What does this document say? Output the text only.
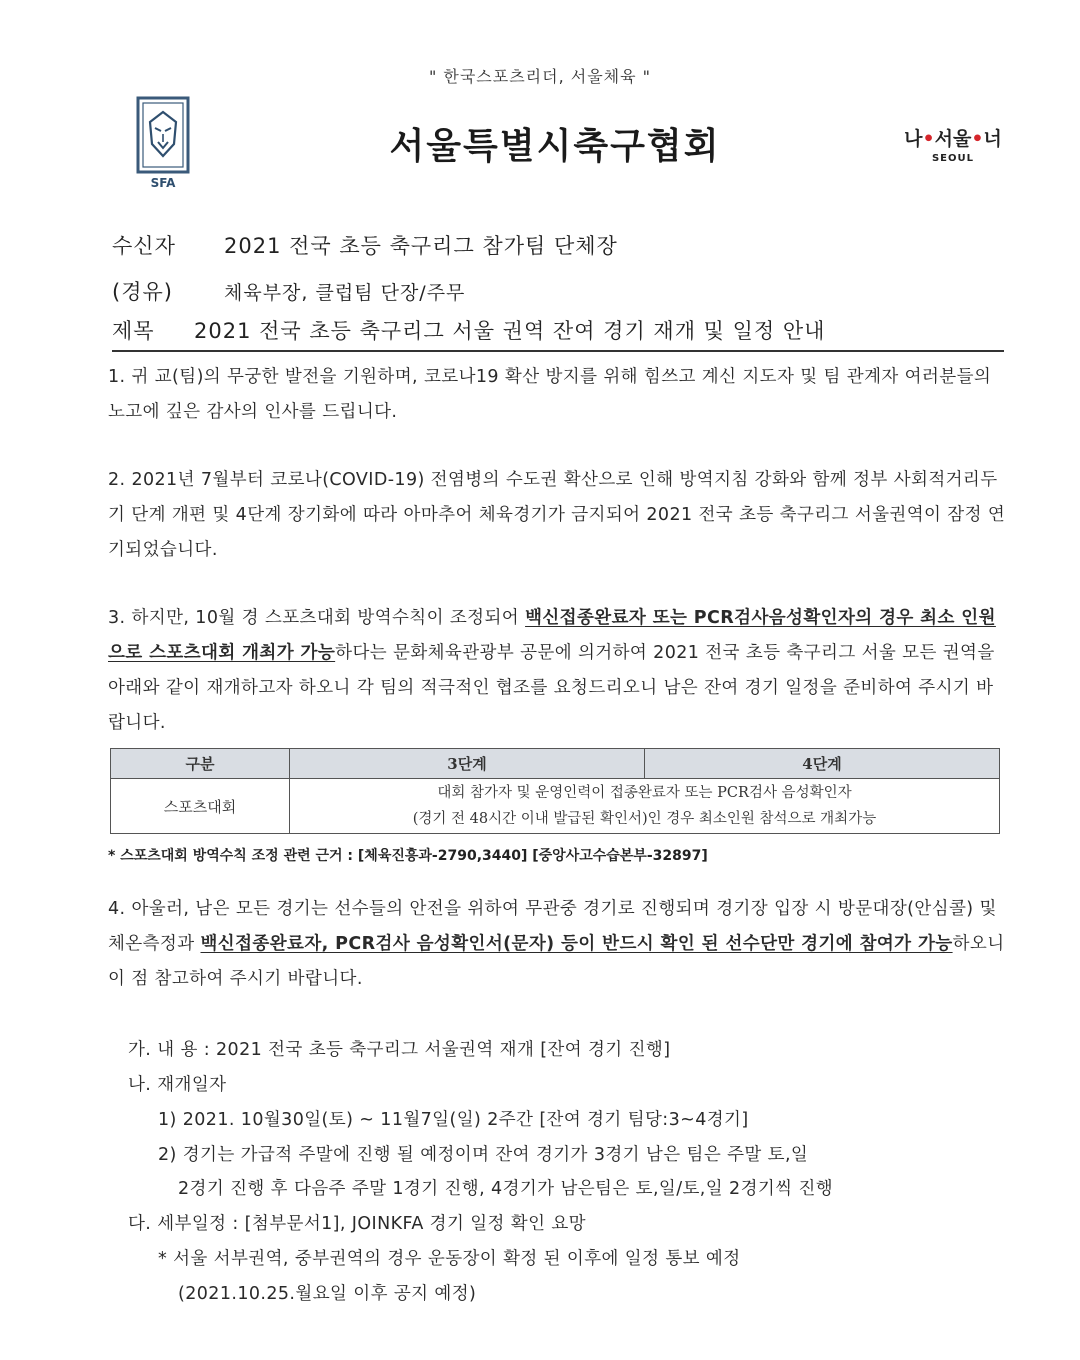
" 한국스포츠리더, 서울체육 "
SFA
서울특별시축구협회	나•서울•너
SEOUL
수신자 2021 전국 초등 축구리그 참가팀 단체장
(경유)	체육부장, 클럽팀 단장/주무
제목 2021 전국 초등 축구리그 서울 권역 잔여 경기 재개 및 일정 안내
1. 귀 교(팀)의 무궁한 발전을 기원하며, 코로나19 확산 방지를 위해 힘쓰고 계신 지도자 및 팀 관계자 여러분들의 노고에 깊은 감사의 인사를 드립니다.
2. 2021년 7월부터 코로나(COVID-19) 전염병의 수도권 확산으로 인해 방역지침 강화와 함께 정부 사회적거리두기 단계 개편 및 4단계 장기화에 따라 아마추어 체육경기가 금지되어 2021 전국 초등 축구리그 서울권역이 잠정 연기되었습니다.
3. 하지만, 10월 경 스포츠대회 방역수칙이 조정되어 백신접종완료자 또는 PCR검사음성확인자의 경우 최소 인원으로 스포츠대회 개최가 가능하다는 문화체육관광부 공문에 의거하여 2021 전국 초등 축구리그 서울 모든 권역을 아래와 같이 재개하고자 하오니 각 팀의 적극적인 협조를 요청드리오니 남은 잔여 경기 일정을 준비하여 주시기 바랍니다.
구분	3단계	4단계
스포츠대회	대회 참가자 및 운영인력이 접종완료자 또는 PCR검사 음성확인자
(경기 전 48시간 이내 발급된 확인서)인 경우 최소인원 참석으로 개최가능	
* 스포츠대회 방역수칙 조정 관련 근거 : [체육진흥과-2790,3440] [중앙사고수습본부-32897]
4. 아울러, 남은 모든 경기는 선수들의 안전을 위하여 무관중 경기로 진행되며 경기장 입장 시 방문대장(안심콜) 및 체온측정과 백신접종완료자, PCR검사 음성확인서(문자) 등이 반드시 확인 된 선수단만 경기에 참여가 가능하오니 이 점 참고하여 주시기 바랍니다.
가. 내 용 : 2021 전국 초등 축구리그 서울권역 재개 [잔여 경기 진행]
나. 재개일자
1) 2021. 10월30일(토) ~ 11월7일(일) 2주간 [잔여 경기 팀당:3~4경기]
2) 경기는 가급적 주말에 진행 될 예정이며 잔여 경기가 3경기 남은 팀은 주말 토,일
2경기 진행 후 다음주 주말 1경기 진행, 4경기가 남은팀은 토,일/토,일 2경기씩 진행
다. 세부일정 : [첨부문서1], JOINKFA 경기 일정 확인 요망
* 서울 서부권역, 중부권역의 경우 운동장이 확정 된 이후에 일정 통보 예정
(2021.10.25.월요일 이후 공지 예정)
